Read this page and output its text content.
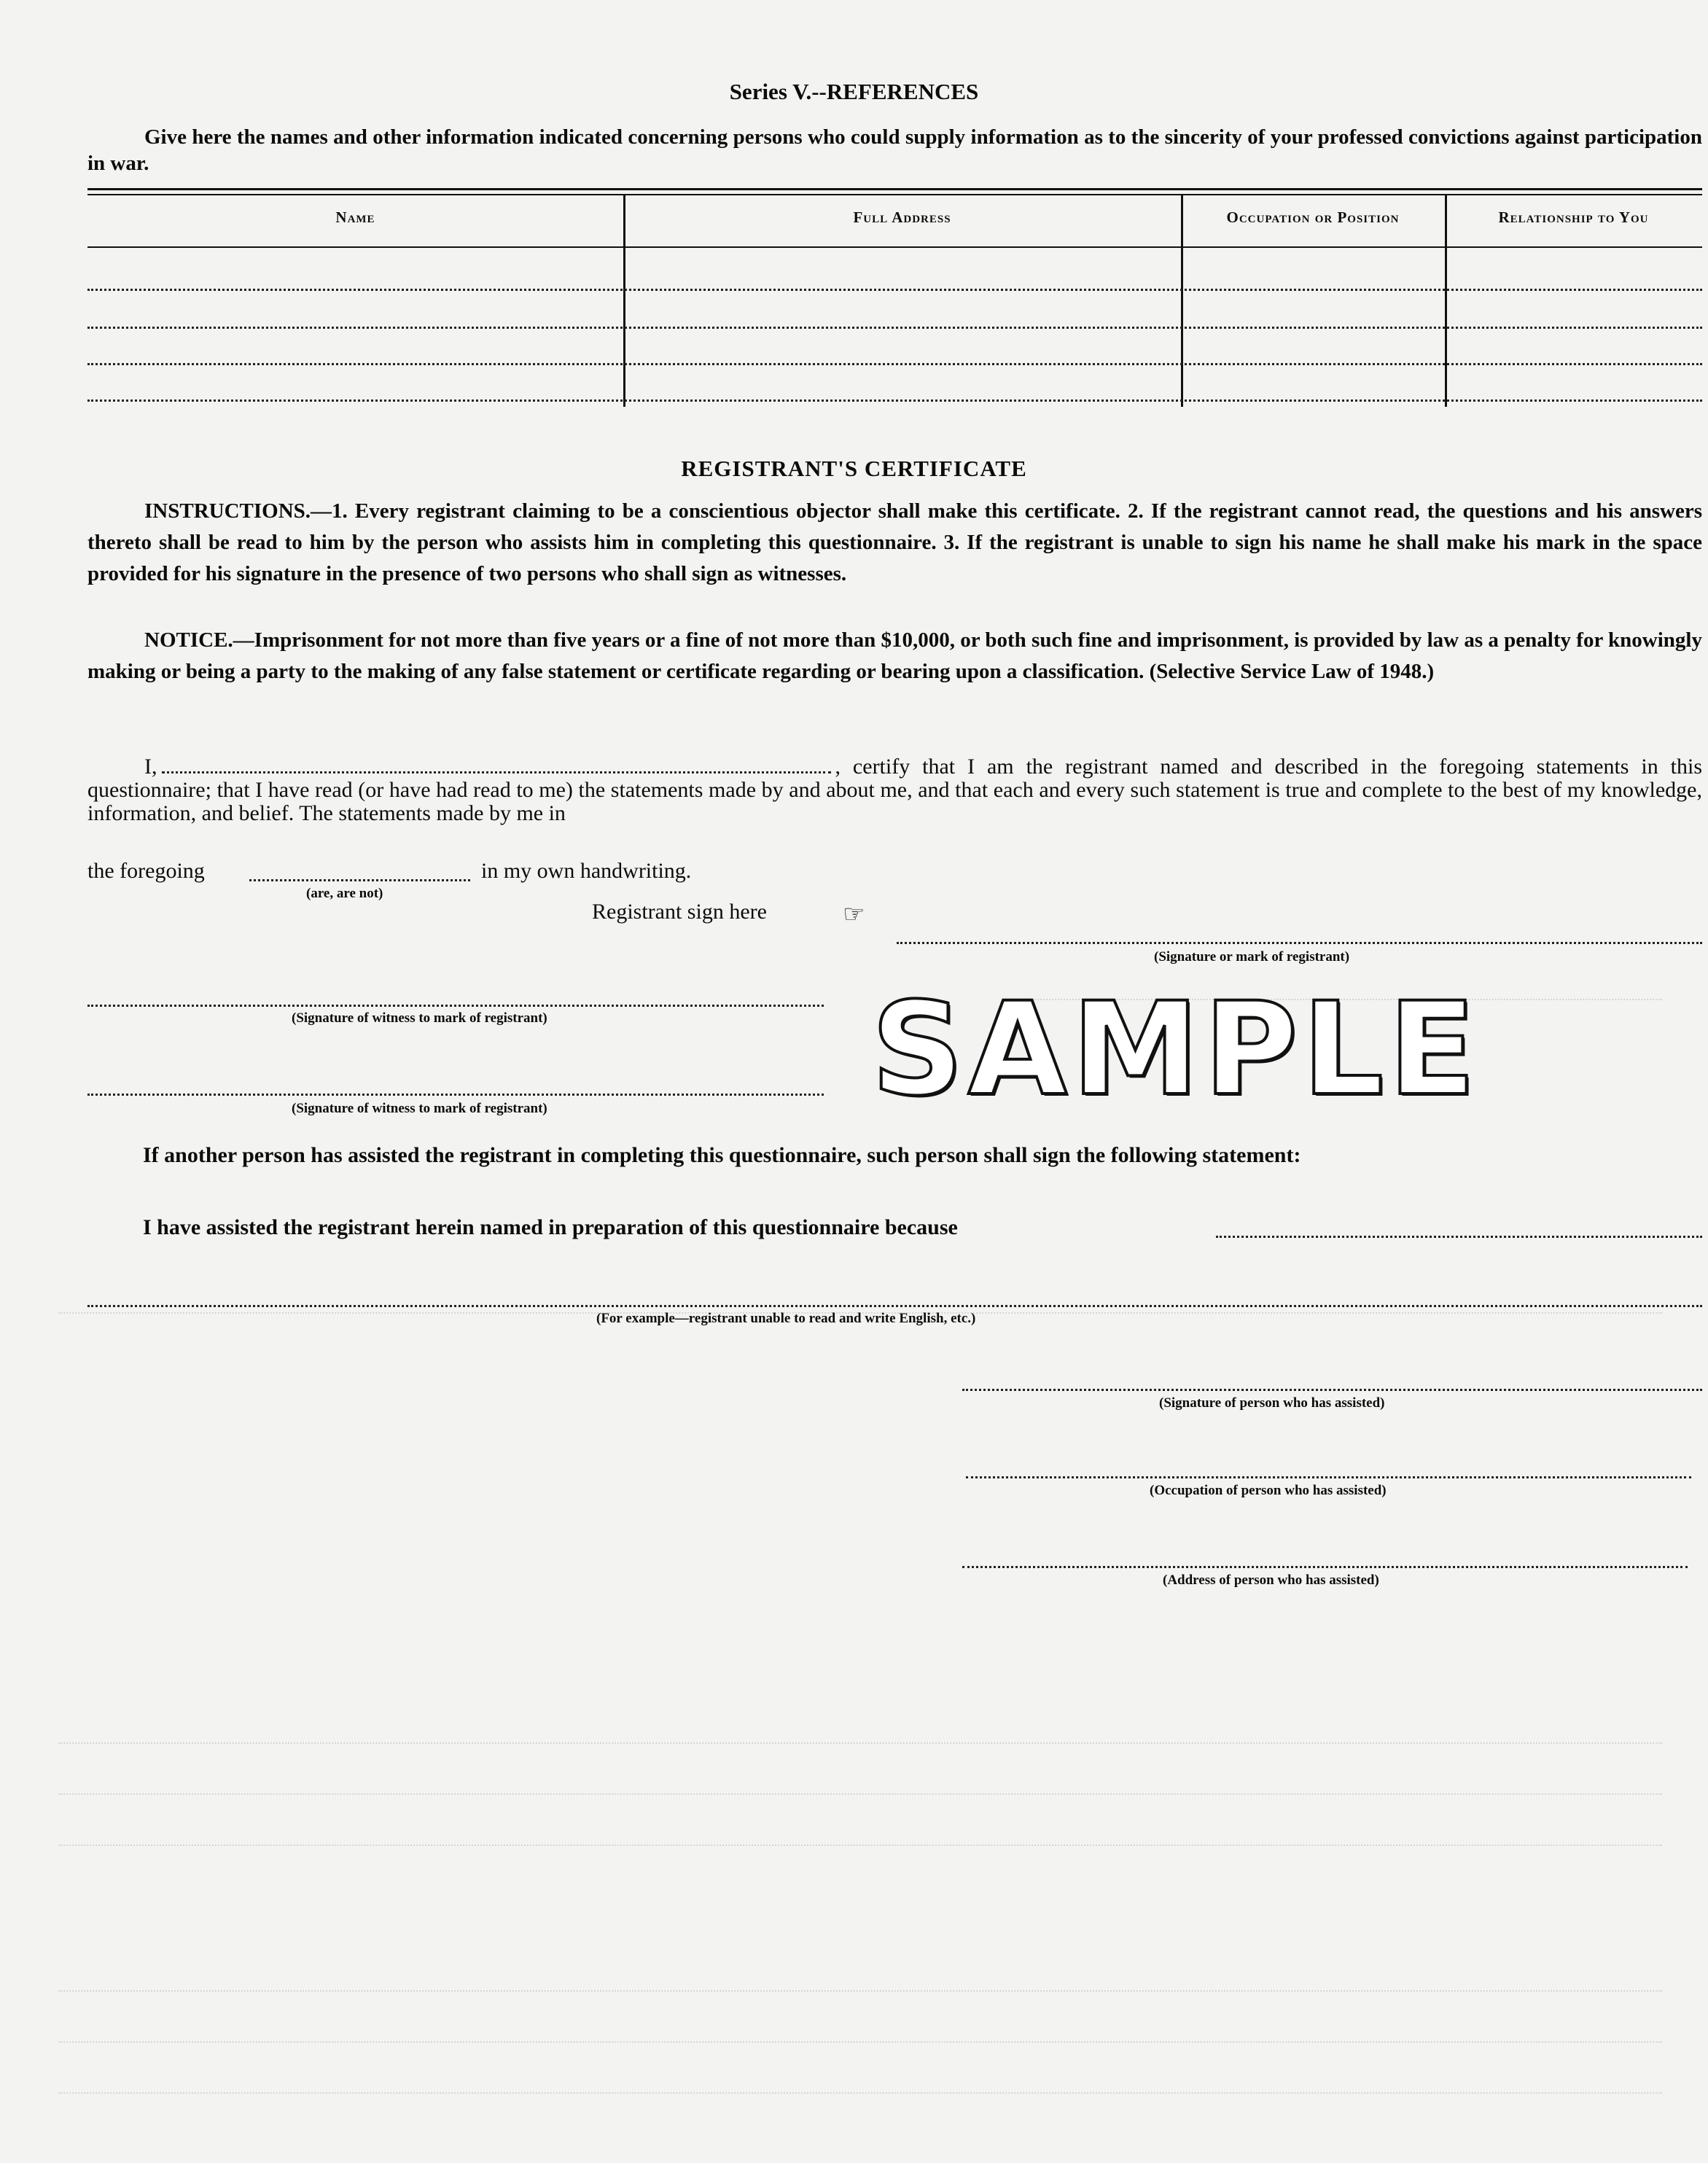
Series V.--REFERENCES
Give here the names and other information indicated concerning persons who could supply information as to the sincerity of your professed convictions against participation in war.
Name	Full Address	Occupation or Position	Relationship to You
REGISTRANT'S CERTIFICATE
INSTRUCTIONS.—1. Every registrant claiming to be a conscientious objector shall make this certificate. 2. If the registrant cannot read, the questions and his answers thereto shall be read to him by the person who assists him in completing this questionnaire. 3. If the registrant is unable to sign his name he shall make his mark in the space provided for his signature in the presence of two persons who shall sign as witnesses.
NOTICE.—Imprisonment for not more than five years or a fine of not more than $10,000, or both such fine and imprisonment, is provided by law as a penalty for knowingly making or being a party to the making of any false statement or certificate regarding or bearing upon a classification. (Selective Service Law of 1948.)
I,	, certify that I am the registrant named and described in the foregoing statements in this questionnaire; that I have read (or have had read to me) the statements made by and about me, and that each and every such statement is true and complete to the best of my knowledge, information, and belief. The statements made by me in
the foregoing	in my own handwriting.
(are, are not)
Registrant sign here	☞
(Signature or mark of registrant)
(Signature of witness to mark of registrant)	SAMPLE
(Signature of witness to mark of registrant)
If another person has assisted the registrant in completing this questionnaire, such person shall sign the following statement:
I have assisted the registrant herein named in preparation of this questionnaire because
(For example—registrant unable to read and write English, etc.)
(Signature of person who has assisted)
(Occupation of person who has assisted)
(Address of person who has assisted)
